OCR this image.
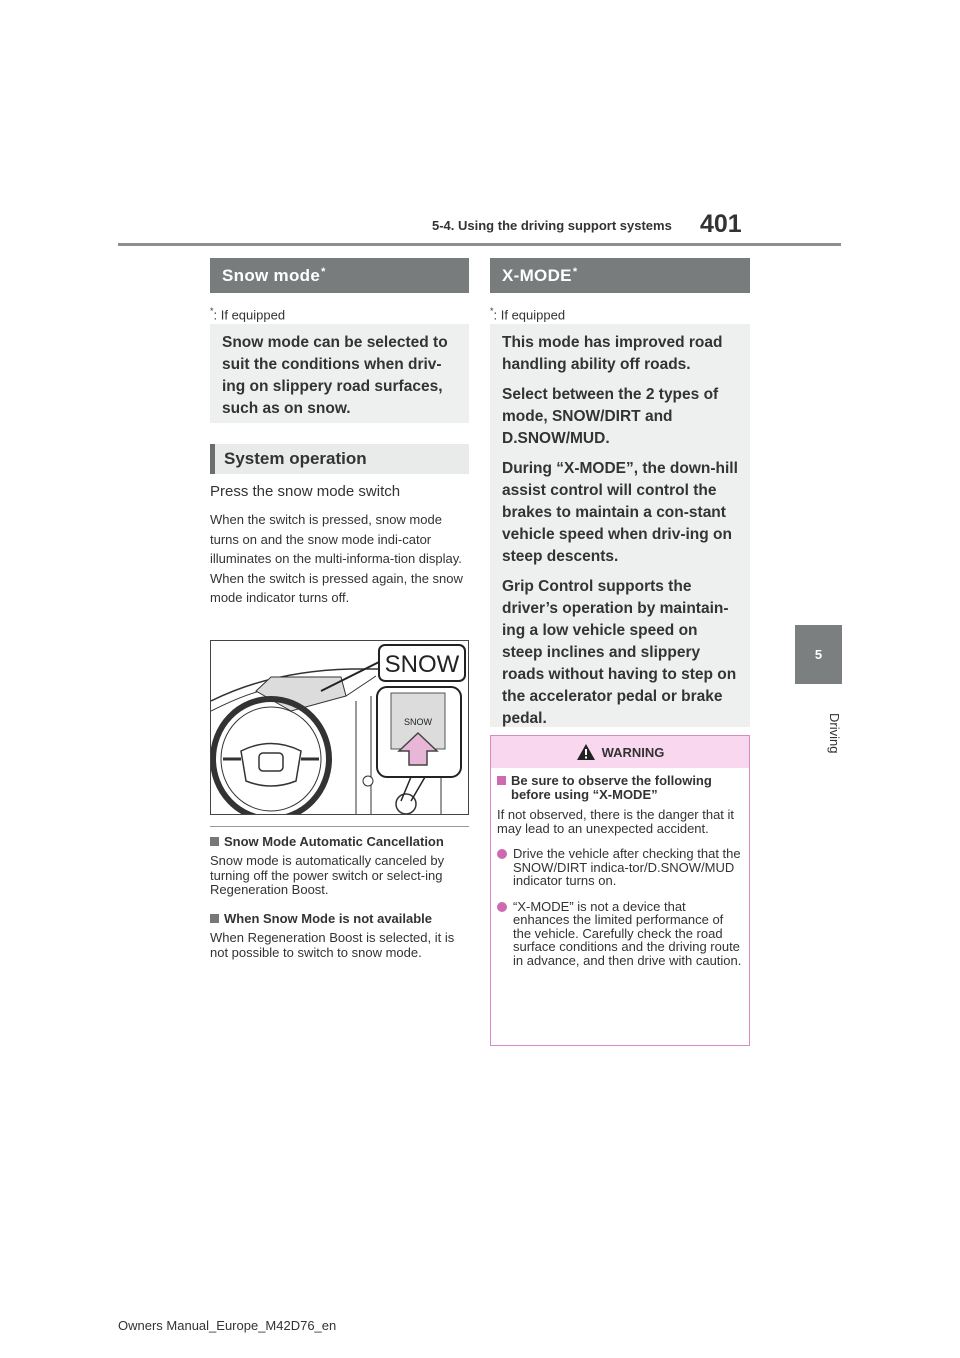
5-4. Using the driving support systems 401
5
Driving
Snow mode*
*: If equipped

Snow mode can be selected to suit the conditions when driv-ing on slippery road surfaces, such as on snow.

System operation
Press the snow mode switch
When the switch is pressed, snow mode turns on and the snow mode indi-cator illuminates on the multi-informa-tion display. When the switch is pressed again, the snow mode indicator turns off.
SNOW
SNOW
Snow Mode Automatic Cancellation
Snow mode is automatically canceled by turning off the power switch or select-ing Regeneration Boost.
When Snow Mode is not available
When Regeneration Boost is selected, it is not possible to switch to snow mode.
X-MODE*
*: If equipped

This mode has improved road handling ability off roads.

Select between the 2 types of mode, SNOW/DIRT and D.SNOW/MUD.

During “X-MODE”, the down-hill assist control will control the brakes to maintain a con-stant vehicle speed when driv-ing on steep descents.

Grip Control supports the driver’s operation by maintain-ing a low vehicle speed on steep inclines and slippery roads without having to step on the accelerator pedal or brake pedal.

WARNING
Be sure to observe the following before using “X-MODE”
If not observed, there is the danger that it may lead to an unexpected accident.
Drive the vehicle after checking that the SNOW/DIRT indica-tor/D.SNOW/MUD indicator turns on.
“X-MODE” is not a device that enhances the limited performance of the vehicle. Carefully check the road surface conditions and the driving route in advance, and then drive with caution.
Owners Manual_Europe_M42D76_en
